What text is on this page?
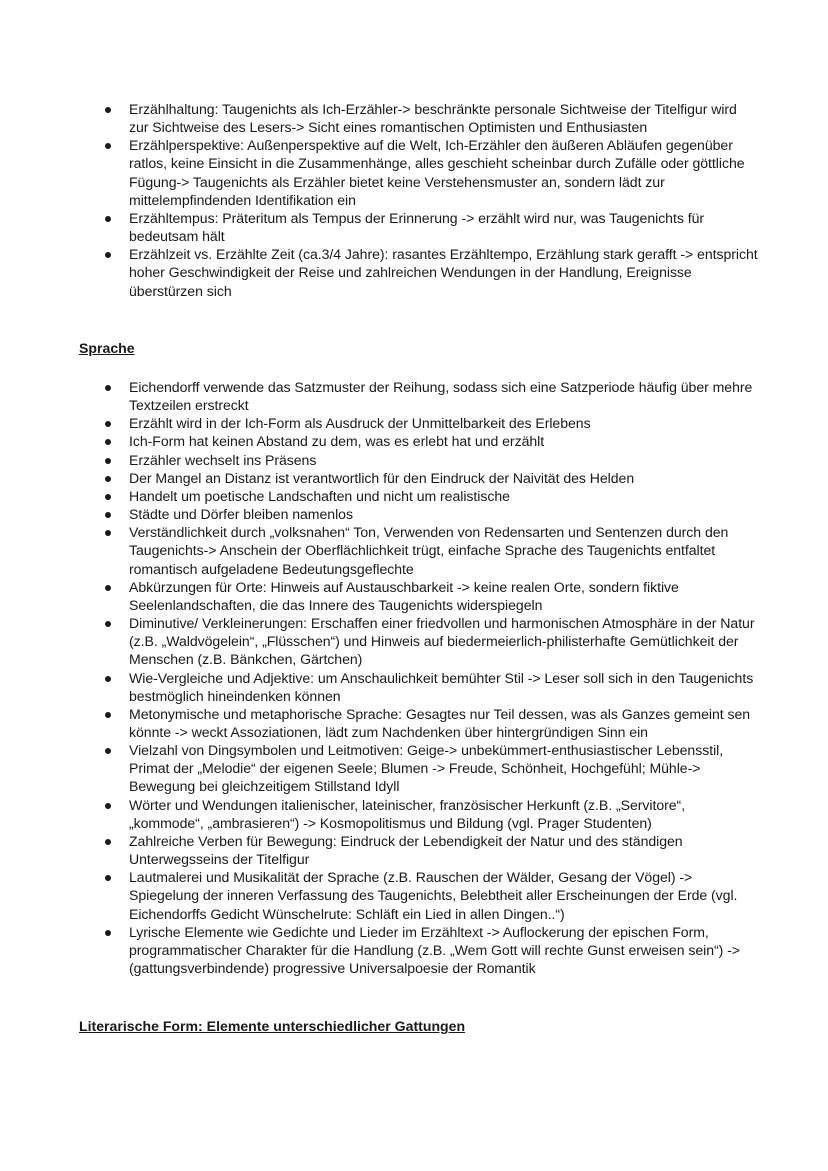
Erzählhaltung: Taugenichts als Ich-Erzähler-> beschränkte personale Sichtweise der Titelfigur wird zur Sichtweise des Lesers-> Sicht eines romantischen Optimisten und Enthusiasten
Erzählperspektive: Außenperspektive auf die Welt, Ich-Erzähler den äußeren Abläufen gegenüber ratlos, keine Einsicht in die Zusammenhänge, alles geschieht scheinbar durch Zufälle oder göttliche Fügung-> Taugenichts als Erzähler bietet keine Verstehensmuster an, sondern lädt zur mittelempfindenden Identifikation ein
Erzähltempus: Präteritum als Tempus der Erinnerung -> erzählt wird nur, was Taugenichts für bedeutsam hält
Erzählzeit vs. Erzählte Zeit (ca.3/4 Jahre): rasantes Erzähltempo, Erzählung stark gerafft -> entspricht hoher Geschwindigkeit der Reise und zahlreichen Wendungen in der Handlung, Ereignisse überstürzen sich
Sprache
Eichendorff verwende das Satzmuster der Reihung, sodass sich eine Satzperiode häufig über mehre Textzeilen erstreckt
Erzählt wird in der Ich-Form als Ausdruck der Unmittelbarkeit des Erlebens
Ich-Form hat keinen Abstand zu dem, was es erlebt hat und erzählt
Erzähler wechselt ins Präsens
Der Mangel an Distanz ist verantwortlich für den Eindruck der Naivität des Helden
Handelt um poetische Landschaften und nicht um realistische
Städte und Dörfer bleiben namenlos
Verständlichkeit durch „volksnahen“ Ton, Verwenden von Redensarten und Sentenzen durch den Taugenichts-> Anschein der Oberflächlichkeit trügt, einfache Sprache des Taugenichts entfaltet romantisch aufgeladene Bedeutungsgeflechte
Abkürzungen für Orte: Hinweis auf Austauschbarkeit -> keine realen Orte, sondern fiktive Seelenlandschaften, die das Innere des Taugenichts widerspiegeln
Diminutive/ Verkleinerungen: Erschaffen einer friedvollen und harmonischen Atmosphäre in der Natur (z.B. „Waldvögelein“, „Flüsschen“) und Hinweis auf biedermeierlich-philisterhafte Gemütlichkeit der Menschen (z.B. Bänkchen, Gärtchen)
Wie-Vergleiche und Adjektive: um Anschaulichkeit bemühter Stil -> Leser soll sich in den Taugenichts bestmöglich hineindenken können
Metonymische und metaphorische Sprache: Gesagtes nur Teil dessen, was als Ganzes gemeint sen könnte -> weckt Assoziationen, lädt zum Nachdenken über hintergründigen Sinn ein
Vielzahl von Dingsymbolen und Leitmotiven: Geige-> unbekümmert-enthusiastischer Lebensstil, Primat der „Melodie“ der eigenen Seele; Blumen -> Freude, Schönheit, Hochgefühl; Mühle-> Bewegung bei gleichzeitigem Stillstand Idyll
Wörter und Wendungen italienischer, lateinischer, französischer Herkunft (z.B. „Servitore“, „kommode“, „ambrasieren“) -> Kosmopolitismus und Bildung (vgl. Prager Studenten)
Zahlreiche Verben für Bewegung: Eindruck der Lebendigkeit der Natur und des ständigen Unterwegsseins der Titelfigur
Lautmalerei und Musikalität der Sprache (z.B. Rauschen der Wälder, Gesang der Vögel) -> Spiegelung der inneren Verfassung des Taugenichts, Belebtheit aller Erscheinungen der Erde (vgl. Eichendorffs Gedicht Wünschelrute: Schläft ein Lied in allen Dingen..“)
Lyrische Elemente wie Gedichte und Lieder im Erzähltext -> Auflockerung der epischen Form, programmatischer Charakter für die Handlung (z.B. „Wem Gott will rechte Gunst erweisen sein“) -> (gattungsverbindende) progressive Universalpoesie der Romantik
Literarische Form: Elemente unterschiedlicher Gattungen
